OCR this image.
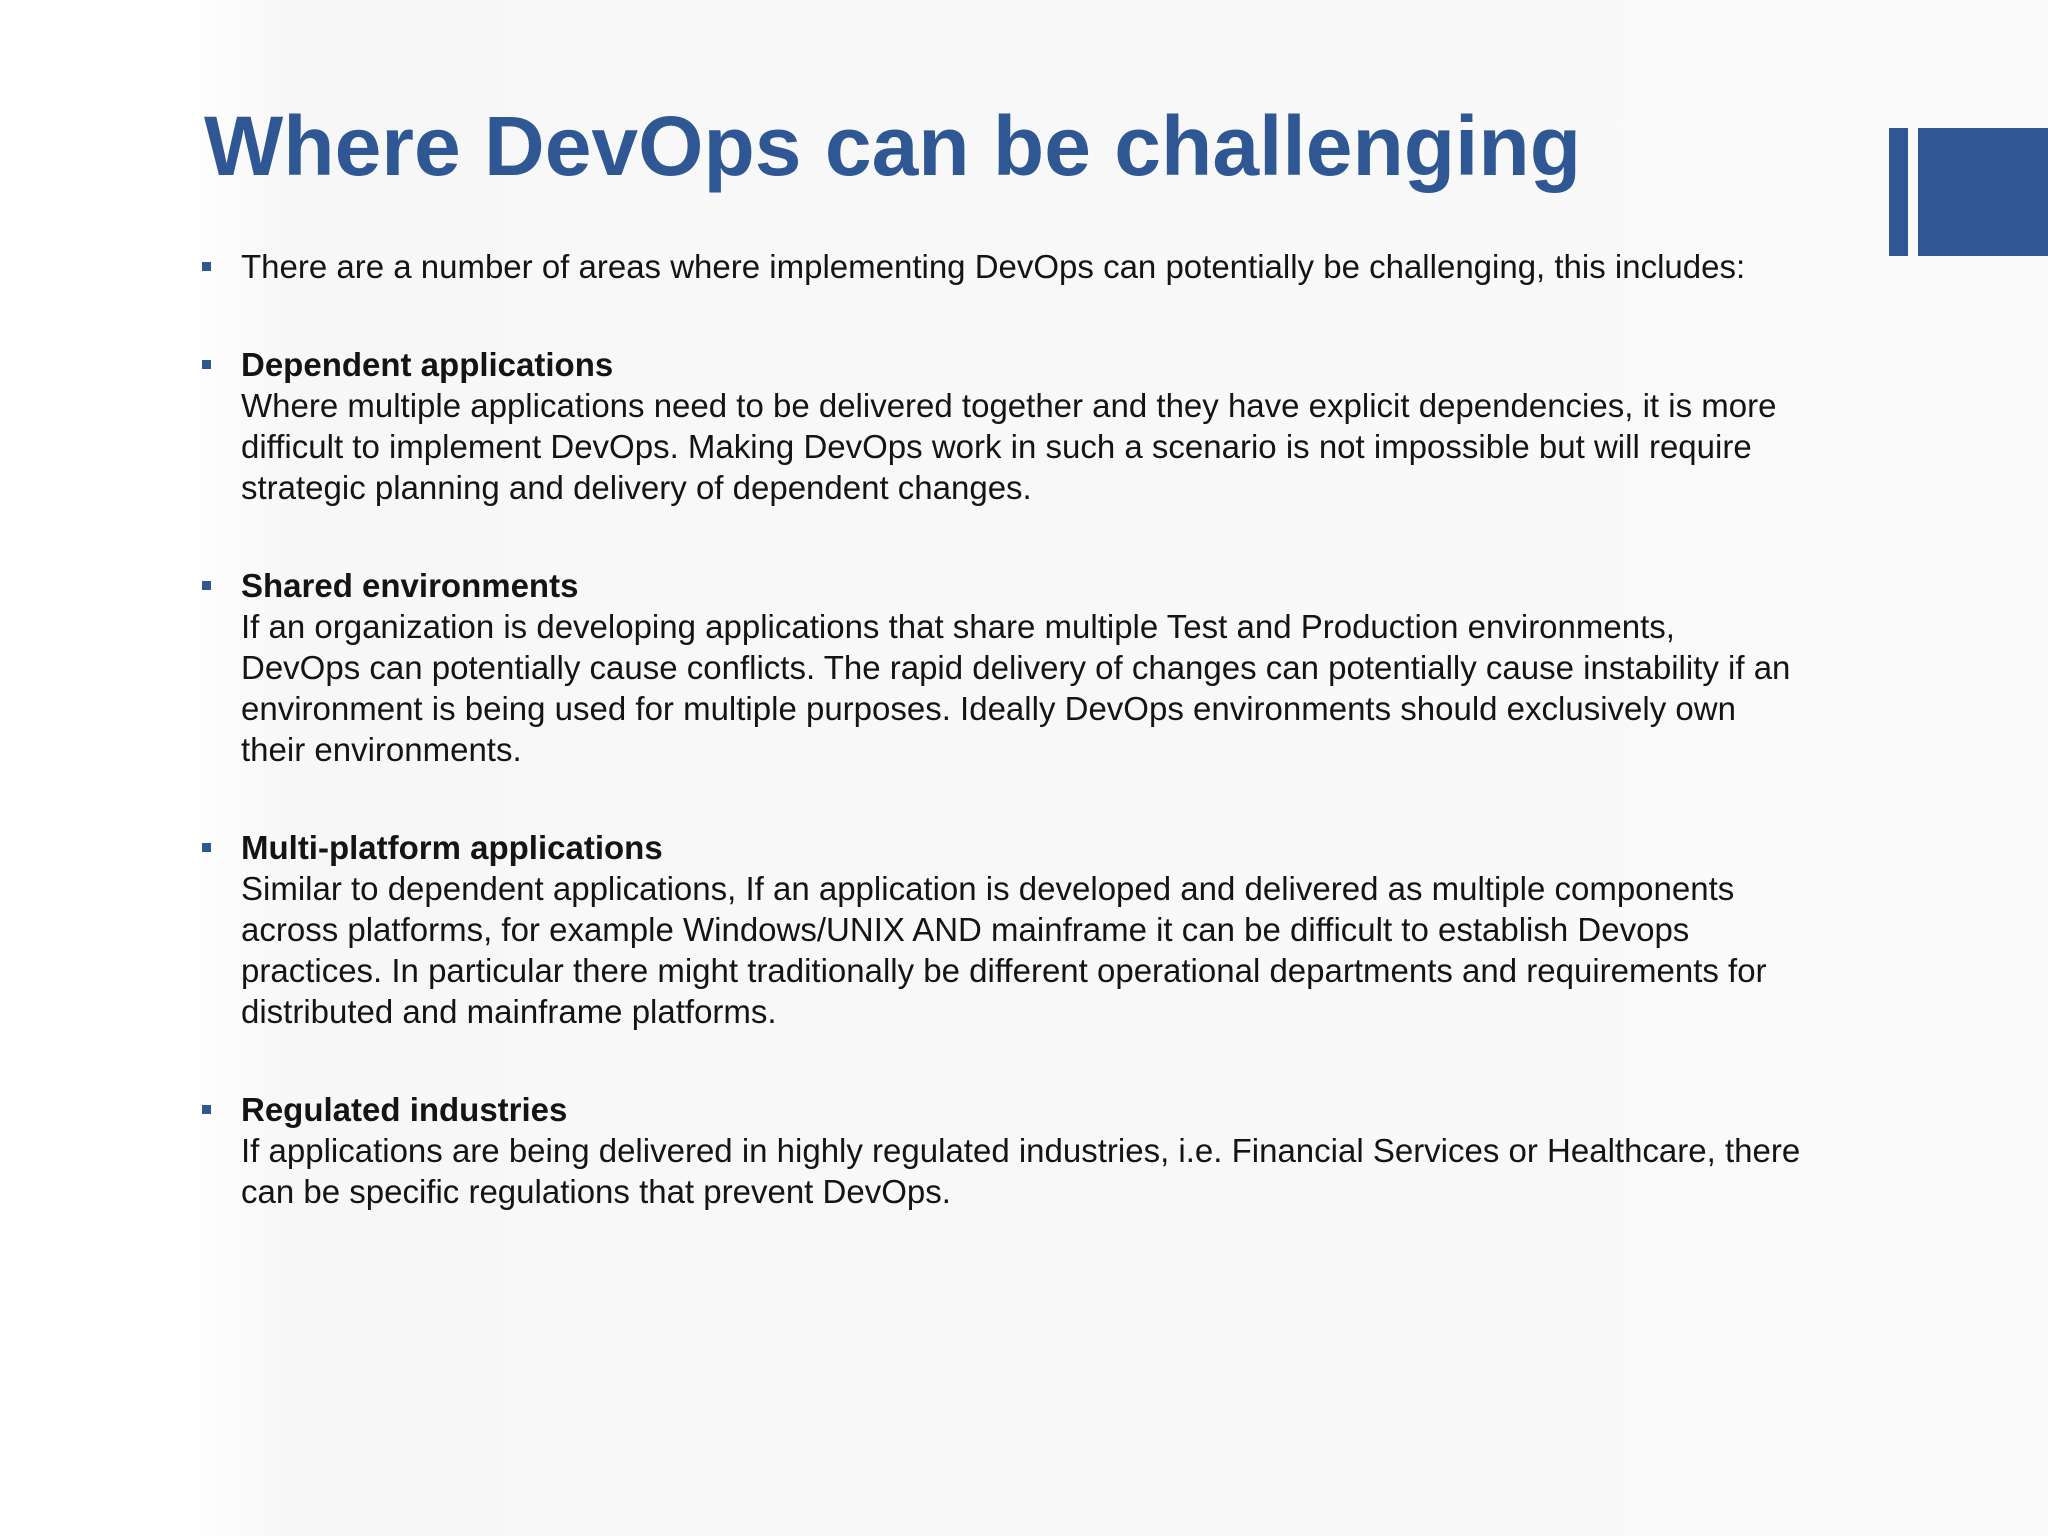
Where DevOps can be challenging
There are a number of areas where implementing DevOps can potentially be challenging, this includes:
Dependent applications
Where multiple applications need to be delivered together and they have explicit dependencies, it is more difficult to implement DevOps. Making DevOps work in such a scenario is not impossible but will require strategic planning and delivery of dependent changes.
Shared environments
If an organization is developing applications that share multiple Test and Production environments, DevOps can potentially cause conflicts. The rapid delivery of changes can potentially cause instability if an environment is being used for multiple purposes. Ideally DevOps environments should exclusively own their environments.
Multi-platform applications
Similar to dependent applications, If an application is developed and delivered as multiple components across platforms, for example Windows/UNIX AND mainframe it can be difficult to establish Devops practices. In particular there might traditionally be different operational departments and requirements for distributed and mainframe platforms.
Regulated industries
If applications are being delivered in highly regulated industries, i.e. Financial Services or Healthcare, there can be specific regulations that prevent DevOps.
